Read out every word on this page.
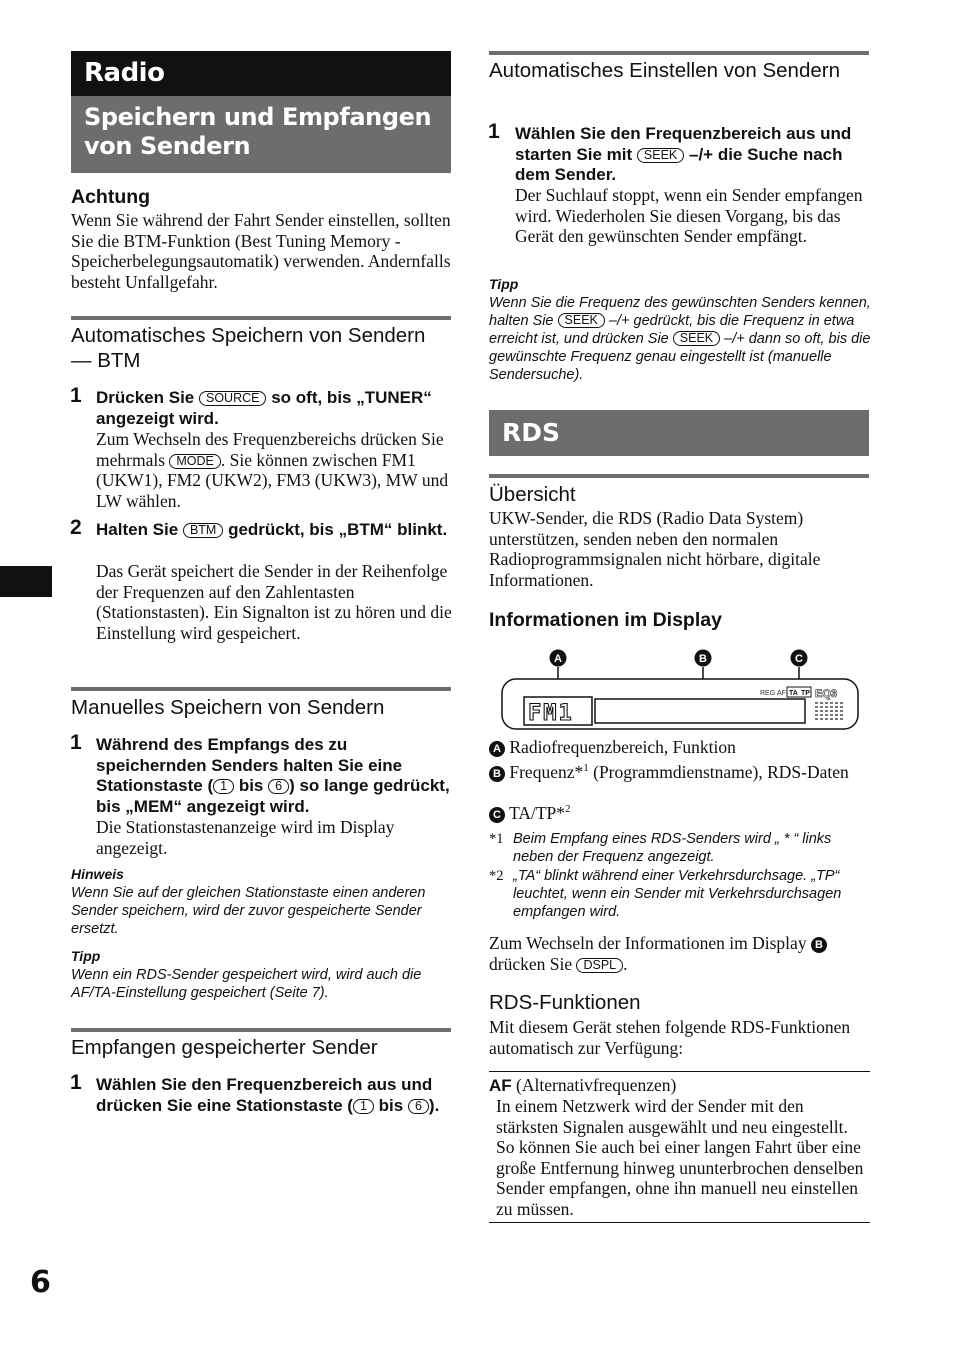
Radio
Speichern und Empfangen von Sendern
Achtung
Wenn Sie während der Fahrt Sender einstellen, sollten Sie die BTM-Funktion (Best Tuning Memory - Speicherbelegungsautomatik) verwenden. Andernfalls besteht Unfallgefahr.
Automatisches Speichern von Sendern — BTM
1 Drücken Sie SOURCE so oft, bis „TUNER“ angezeigt wird.
Zum Wechseln des Frequenzbereichs drücken Sie mehrmals MODE . Sie können zwischen FM1 (UKW1), FM2 (UKW2), FM3 (UKW3), MW und LW wählen.
2 Halten Sie BTM gedrückt, bis „BTM“ blinkt.
Das Gerät speichert die Sender in der Reihenfolge der Frequenzen auf den Zahlentasten (Stationstasten). Ein Signalton ist zu hören und die Einstellung wird gespeichert.
Manuelles Speichern von Sendern
1 Während des Empfangs des zu speichernden Senders halten Sie eine Stationstaste ( 1 bis 6 ) so lange gedrückt, bis „MEM“ angezeigt wird.
Die Stationstastenanzeige wird im Display angezeigt.
Hinweis
Wenn Sie auf der gleichen Stationstaste einen anderen Sender speichern, wird der zuvor gespeicherte Sender ersetzt.
Tipp
Wenn ein RDS-Sender gespeichert wird, wird auch die AF/TA-Einstellung gespeichert (Seite 7).
Empfangen gespeicherter Sender
1 Wählen Sie den Frequenzbereich aus und drücken Sie eine Stationstaste ( 1 bis 6 ).
6
Automatisches Einstellen von Sendern
1 Wählen Sie den Frequenzbereich aus und starten Sie mit SEEK –/+ die Suche nach dem Sender.
Der Suchlauf stoppt, wenn ein Sender empfangen wird. Wiederholen Sie diesen Vorgang, bis das Gerät den gewünschten Sender empfängt.
Tipp
Wenn Sie die Frequenz des gewünschten Senders kennen, halten Sie SEEK –/+ gedrückt, bis die Frequenz in etwa erreicht ist, und drücken Sie SEEK –/+ dann so oft, bis die gewünschte Frequenz genau eingestellt ist (manuelle Sendersuche).
RDS
Übersicht
UKW-Sender, die RDS (Radio Data System) unterstützen, senden neben den normalen Radioprogrammsignalen nicht hörbare, digitale Informationen.
Informationen im Display
A	B	C
FM1
REG AF TA TP EQ3
A Radiofrequenzbereich, Funktion
B Frequenz*$^1$ (Programmdienstname), RDS-Daten
C TA/TP*$^2$
*1 Beim Empfang eines RDS-Senders wird „ * “ links neben der Frequenz angezeigt.
*2 „TA“ blinkt während einer Verkehrsdurchsage. „TP“ leuchtet, wenn ein Sender mit Verkehrsdurchsagen empfangen wird.
Zum Wechseln der Informationen im Display B drücken Sie DSPL .
RDS-Funktionen
Mit diesem Gerät stehen folgende RDS-Funktionen automatisch zur Verfügung:
AF (Alternativfrequenzen)
In einem Netzwerk wird der Sender mit den stärksten Signalen ausgewählt und neu eingestellt. So können Sie auch bei einer langen Fahrt über eine große Entfernung hinweg ununterbrochen denselben Sender empfangen, ohne ihn manuell neu einstellen zu müssen.
